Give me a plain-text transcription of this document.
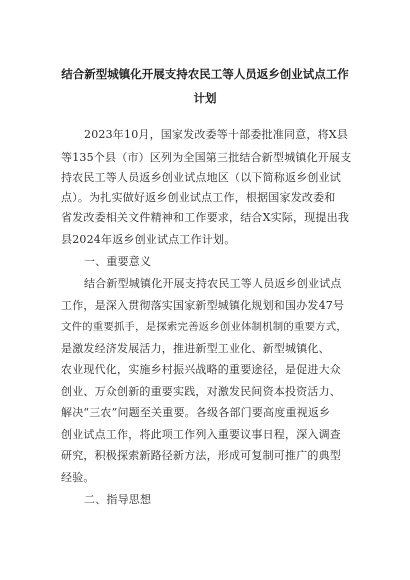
结合新型城镇化开展支持农民工等人员返乡创业试点工作
计划
2023年10月，国家发改委等十部委批准同意，将X县
等135个县（市）区列为全国第三批结合新型城镇化开展支
持农民工等人员返乡创业试点地区（以下简称返乡创业试
点）。为扎实做好返乡创业试点工作，根据国家发改委和
省发改委相关文件精神和工作要求，结合X实际，现提出我
县2024年返乡创业试点工作计划。
一、重要意义
结合新型城镇化开展支持农民工等人员返乡创业试点
工作，是深入贯彻落实国家新型城镇化规划和国办发47号
文件的重要抓手，是探索完善返乡创业体制机制的重要方式，
是激发经济发展活力，推进新型工业化、新型城镇化、
农业现代化，实施乡村振兴战略的重要途径，是促进大众
创业、万众创新的重要实践，对激发民间资本投资活力、
解决“三农”问题至关重要。各级各部门要高度重视返乡
创业试点工作，将此项工作列入重要议事日程，深入调查
研究，积极探索新路径新方法，形成可复制可推广的典型
经验。
二、指导思想
